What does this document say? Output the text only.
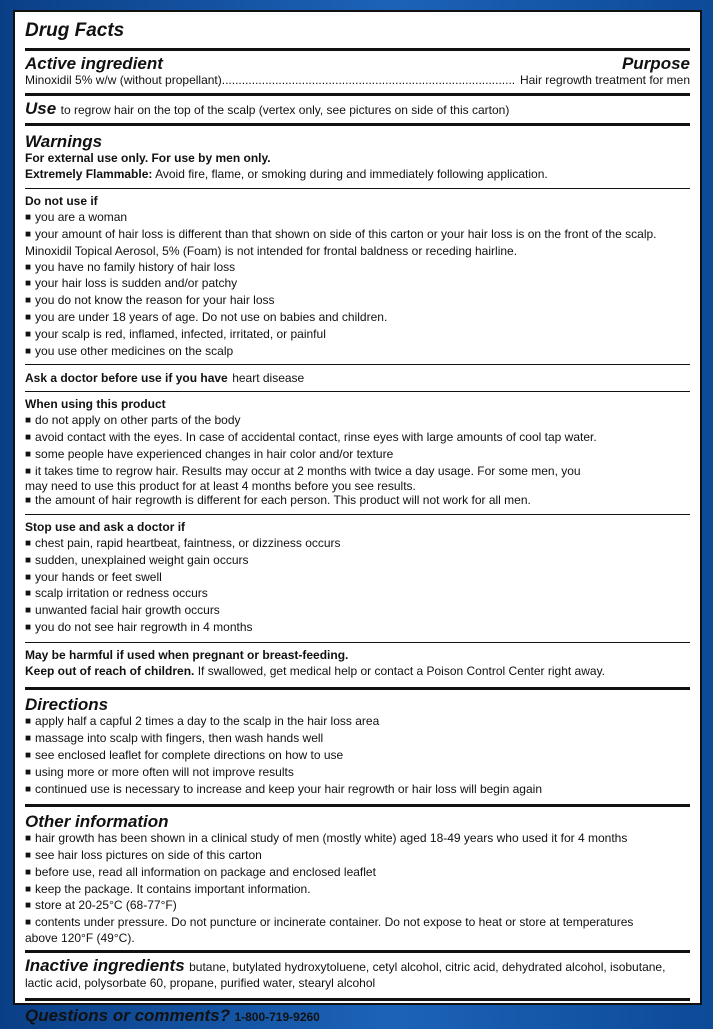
Drug Facts
Active ingredient	Purpose
Minoxidil 5% w/w (without propellant) ........................................................................................ Hair regrowth treatment for men
Use to regrow hair on the top of the scalp (vertex only, see pictures on side of this carton)
Warnings
For external use only. For use by men only.
Extremely Flammable: Avoid fire, flame, or smoking during and immediately following application.
Do not use if
■ you are a woman
■ your amount of hair loss is different than that shown on side of this carton or your hair loss is on the front of the scalp.
Minoxidil Topical Aerosol, 5% (Foam) is not intended for frontal baldness or receding hairline.
■ you have no family history of hair loss
■ your hair loss is sudden and/or patchy
■ you do not know the reason for your hair loss
■ you are under 18 years of age. Do not use on babies and children.
■ your scalp is red, inflamed, infected, irritated, or painful
■ you use other medicines on the scalp
Ask a doctor before use if you have heart disease
When using this product
■ do not apply on other parts of the body
■ avoid contact with the eyes. In case of accidental contact, rinse eyes with large amounts of cool tap water.
■ some people have experienced changes in hair color and/or texture
■ it takes time to regrow hair. Results may occur at 2 months with twice a day usage. For some men, you
may need to use this product for at least 4 months before you see results.
■ the amount of hair regrowth is different for each person. This product will not work for all men.
Stop use and ask a doctor if
■ chest pain, rapid heartbeat, faintness, or dizziness occurs
■ sudden, unexplained weight gain occurs
■ your hands or feet swell
■ scalp irritation or redness occurs
■ unwanted facial hair growth occurs
■ you do not see hair regrowth in 4 months
May be harmful if used when pregnant or breast-feeding.
Keep out of reach of children. If swallowed, get medical help or contact a Poison Control Center right away.
Directions
■ apply half a capful 2 times a day to the scalp in the hair loss area
■ massage into scalp with fingers, then wash hands well
■ see enclosed leaflet for complete directions on how to use
■ using more or more often will not improve results
■ continued use is necessary to increase and keep your hair regrowth or hair loss will begin again
Other information
■ hair growth has been shown in a clinical study of men (mostly white) aged 18-49 years who used it for 4 months
■ see hair loss pictures on side of this carton
■ before use, read all information on package and enclosed leaflet
■ keep the package. It contains important information.
■ store at 20-25°C (68-77°F)
■ contents under pressure. Do not puncture or incinerate container. Do not expose to heat or store at temperatures
above 120°F (49°C).
Inactive ingredients butane, butylated hydroxytoluene, cetyl alcohol, citric acid, dehydrated alcohol, isobutane,
lactic acid, polysorbate 60, propane, purified water, stearyl alcohol
Questions or comments? 1-800-719-9260
